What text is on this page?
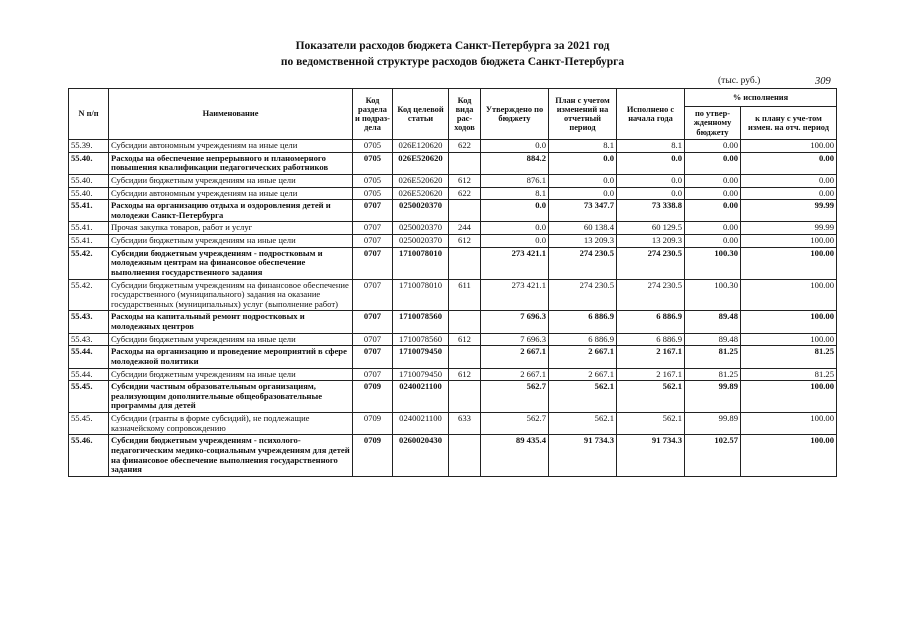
Показатели расходов бюджета Санкт-Петербурга за 2021 год
по ведомственной структуре расходов бюджета Санкт-Петербурга
(тыс. руб.)	309
N п/п	Наименование	Код раздела и подраз-дела	Код целевой статьи	Код вида рас-ходов	Утверждено по бюджету	План с учетом изменений на отчетный период	Исполнено с начала года	% исполнения	
								по утвер-жденному бюджету	к плану с уче-том измен. на отч. период
55.39.	Субсидии автономным учреждениям на иные цели	0705	026Е120620	622	0.0	8.1	8.1	0.00	100.00
55.40.	Расходы на обеспечение непрерывного и планомерного повышения квалификации педагогических работников	0705	026Е520620		884.2	0.0	0.0	0.00	0.00
55.40.	Субсидии бюджетным учреждениям на иные цели	0705	026Е520620	612	876.1	0.0	0.0	0.00	0.00
55.40.	Субсидии автономным учреждениям на иные цели	0705	026Е520620	622	8.1	0.0	0.0	0.00	0.00
55.41.	Расходы на организацию отдыха и оздоровления детей и молодежи Санкт-Петербурга	0707	0250020370		0.0	73 347.7	73 338.8	0.00	99.99
55.41.	Прочая закупка товаров, работ и услуг	0707	0250020370	244	0.0	60 138.4	60 129.5	0.00	99.99
55.41.	Субсидии бюджетным учреждениям на иные цели	0707	0250020370	612	0.0	13 209.3	13 209.3	0.00	100.00
55.42.	Субсидии бюджетным учреждениям - подростковым и молодежным центрам на финансовое обеспечение выполнения государственного задания	0707	1710078010		273 421.1	274 230.5	274 230.5	100.30	100.00
55.42.	Субсидии бюджетным учреждениям на финансовое обеспечение государственного (муниципального) задания на оказание государственных (муниципальных) услуг (выполнение работ)	0707	1710078010	611	273 421.1	274 230.5	274 230.5	100.30	100.00
55.43.	Расходы на капитальный ремонт подростковых и молодежных центров	0707	1710078560		7 696.3	6 886.9	6 886.9	89.48	100.00
55.43.	Субсидии бюджетным учреждениям на иные цели	0707	1710078560	612	7 696.3	6 886.9	6 886.9	89.48	100.00
55.44.	Расходы на организацию и проведение мероприятий в сфере молодежной политики	0707	1710079450		2 667.1	2 667.1	2 167.1	81.25	81.25
55.44.	Субсидии бюджетным учреждениям на иные цели	0707	1710079450	612	2 667.1	2 667.1	2 167.1	81.25	81.25
55.45.	Субсидии частным образовательным организациям, реализующим дополнительные общеобразовательные программы для детей	0709	0240021100		562.7	562.1	562.1	99.89	100.00
55.45.	Субсидии (гранты в форме субсидий), не подлежащие казначейскому сопровождению	0709	0240021100	633	562.7	562.1	562.1	99.89	100.00
55.46.	Субсидии бюджетным учреждениям - психолого-педагогическим медико-социальным учреждениям для детей на финансовое обеспечение выполнения государственного задания	0709	0260020430		89 435.4	91 734.3	91 734.3	102.57	100.00
